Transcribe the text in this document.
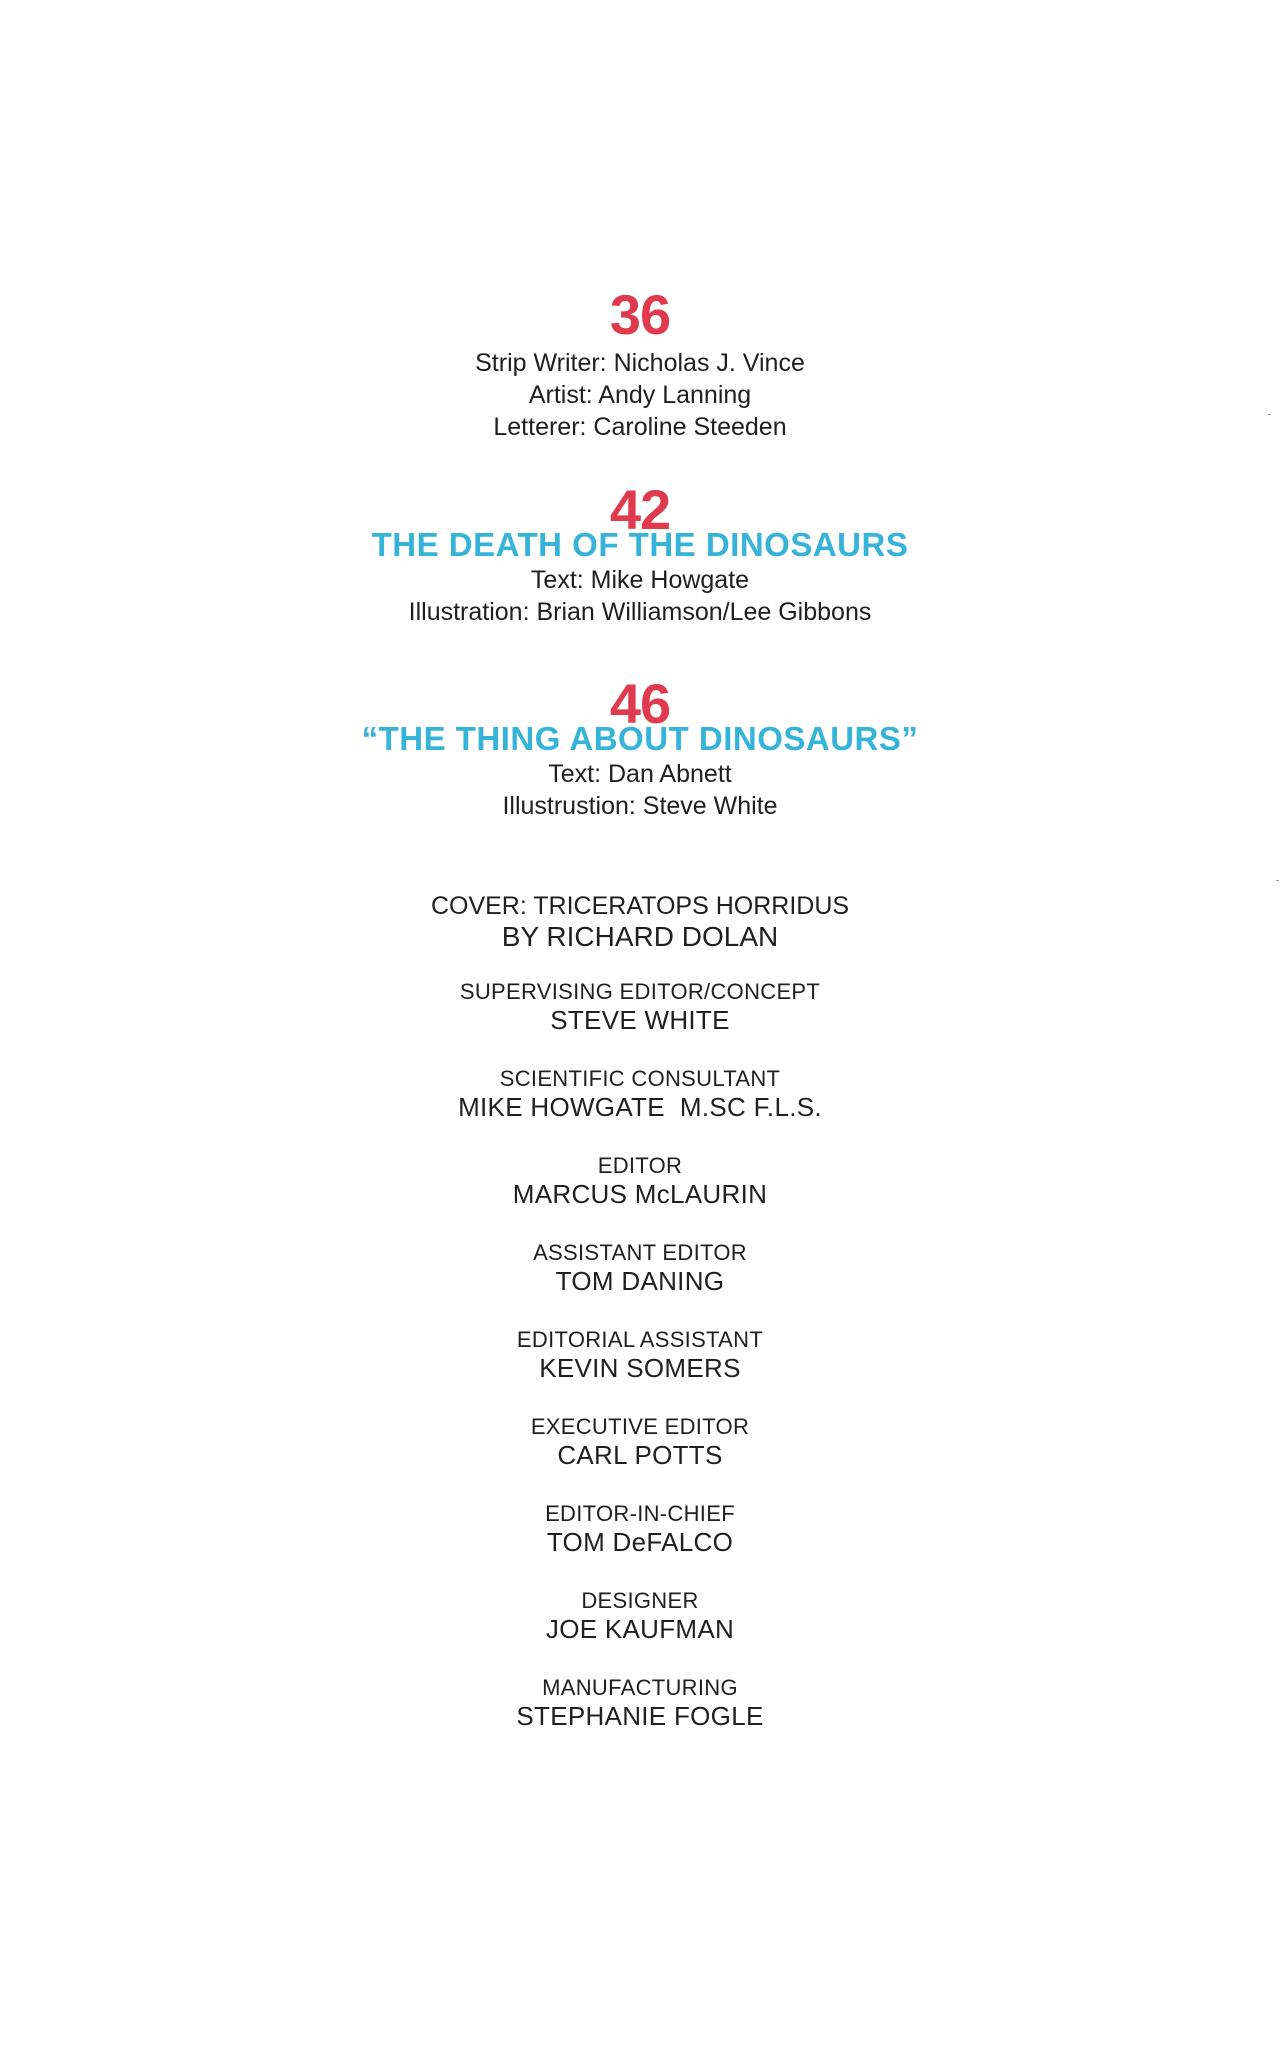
36
Strip Writer: Nicholas J. Vince
Artist: Andy Lanning
Letterer: Caroline Steeden
42
THE DEATH OF THE DINOSAURS
Text: Mike Howgate
Illustration: Brian Williamson/Lee Gibbons
46
“THE THING ABOUT DINOSAURS”
Text: Dan Abnett
Illustrustion: Steve White
COVER: TRICERATOPS HORRIDUS
BY RICHARD DOLAN
SUPERVISING EDITOR/CONCEPT
STEVE WHITE
SCIENTIFIC CONSULTANT
MIKE HOWGATE  M.SC F.L.S.
EDITOR
MARCUS McLAURIN
ASSISTANT EDITOR
TOM DANING
EDITORIAL ASSISTANT
KEVIN SOMERS
EXECUTIVE EDITOR
CARL POTTS
EDITOR-IN-CHIEF
TOM DeFALCO
DESIGNER
JOE KAUFMAN
MANUFACTURING
STEPHANIE FOGLE
